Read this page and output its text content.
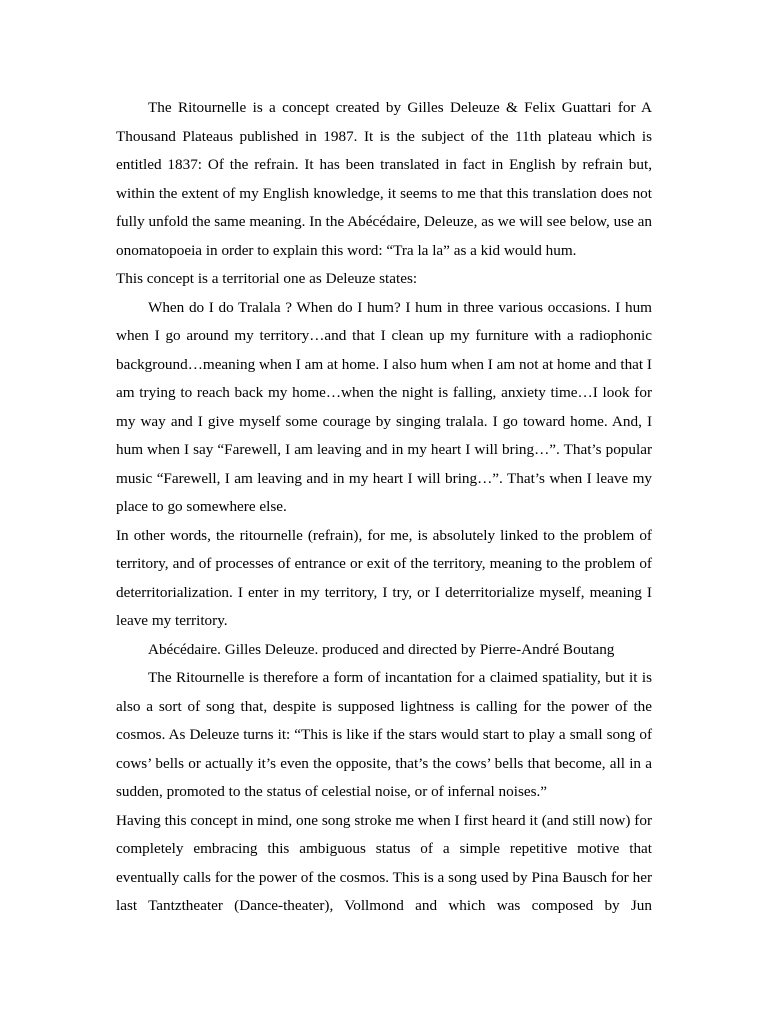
The Ritournelle is a concept created by Gilles Deleuze & Felix Guattari for A Thousand Plateaus published in 1987. It is the subject of the 11th plateau which is entitled 1837: Of the refrain. It has been translated in fact in English by refrain but, within the extent of my English knowledge, it seems to me that this translation does not fully unfold the same meaning. In the Abécédaire, Deleuze, as we will see below, use an onomatopoeia in order to explain this word: “Tra la la” as a kid would hum.

This concept is a territorial one as Deleuze states:

When do I do Tralala ? When do I hum? I hum in three various occasions. I hum when I go around my territory…and that I clean up my furniture with a radiophonic background…meaning when I am at home. I also hum when I am not at home and that I am trying to reach back my home…when the night is falling, anxiety time…I look for my way and I give myself some courage by singing tralala. I go toward home. And, I hum when I say “Farewell, I am leaving and in my heart I will bring…”. That’s popular music “Farewell, I am leaving and in my heart I will bring…”. That’s when I leave my place to go somewhere else.

In other words, the ritournelle (refrain), for me, is absolutely linked to the problem of territory, and of processes of entrance or exit of the territory, meaning to the problem of deterritorialization. I enter in my territory, I try, or I deterritorialize myself, meaning I leave my territory.

Abécédaire. Gilles Deleuze. produced and directed by Pierre-André Boutang

The Ritournelle is therefore a form of incantation for a claimed spatiality, but it is also a sort of song that, despite is supposed lightness is calling for the power of the cosmos. As Deleuze turns it: “This is like if the stars would start to play a small song of cows’ bells or actually it’s even the opposite, that’s the cows’ bells that become, all in a sudden, promoted to the status of celestial noise, or of infernal noises.”

Having this concept in mind, one song stroke me when I first heard it (and still now) for completely embracing this ambiguous status of a simple repetitive motive that eventually calls for the power of the cosmos. This is a song used by Pina Bausch for her last Tantztheater (Dance-theater), Vollmond and which was composed by Jun
